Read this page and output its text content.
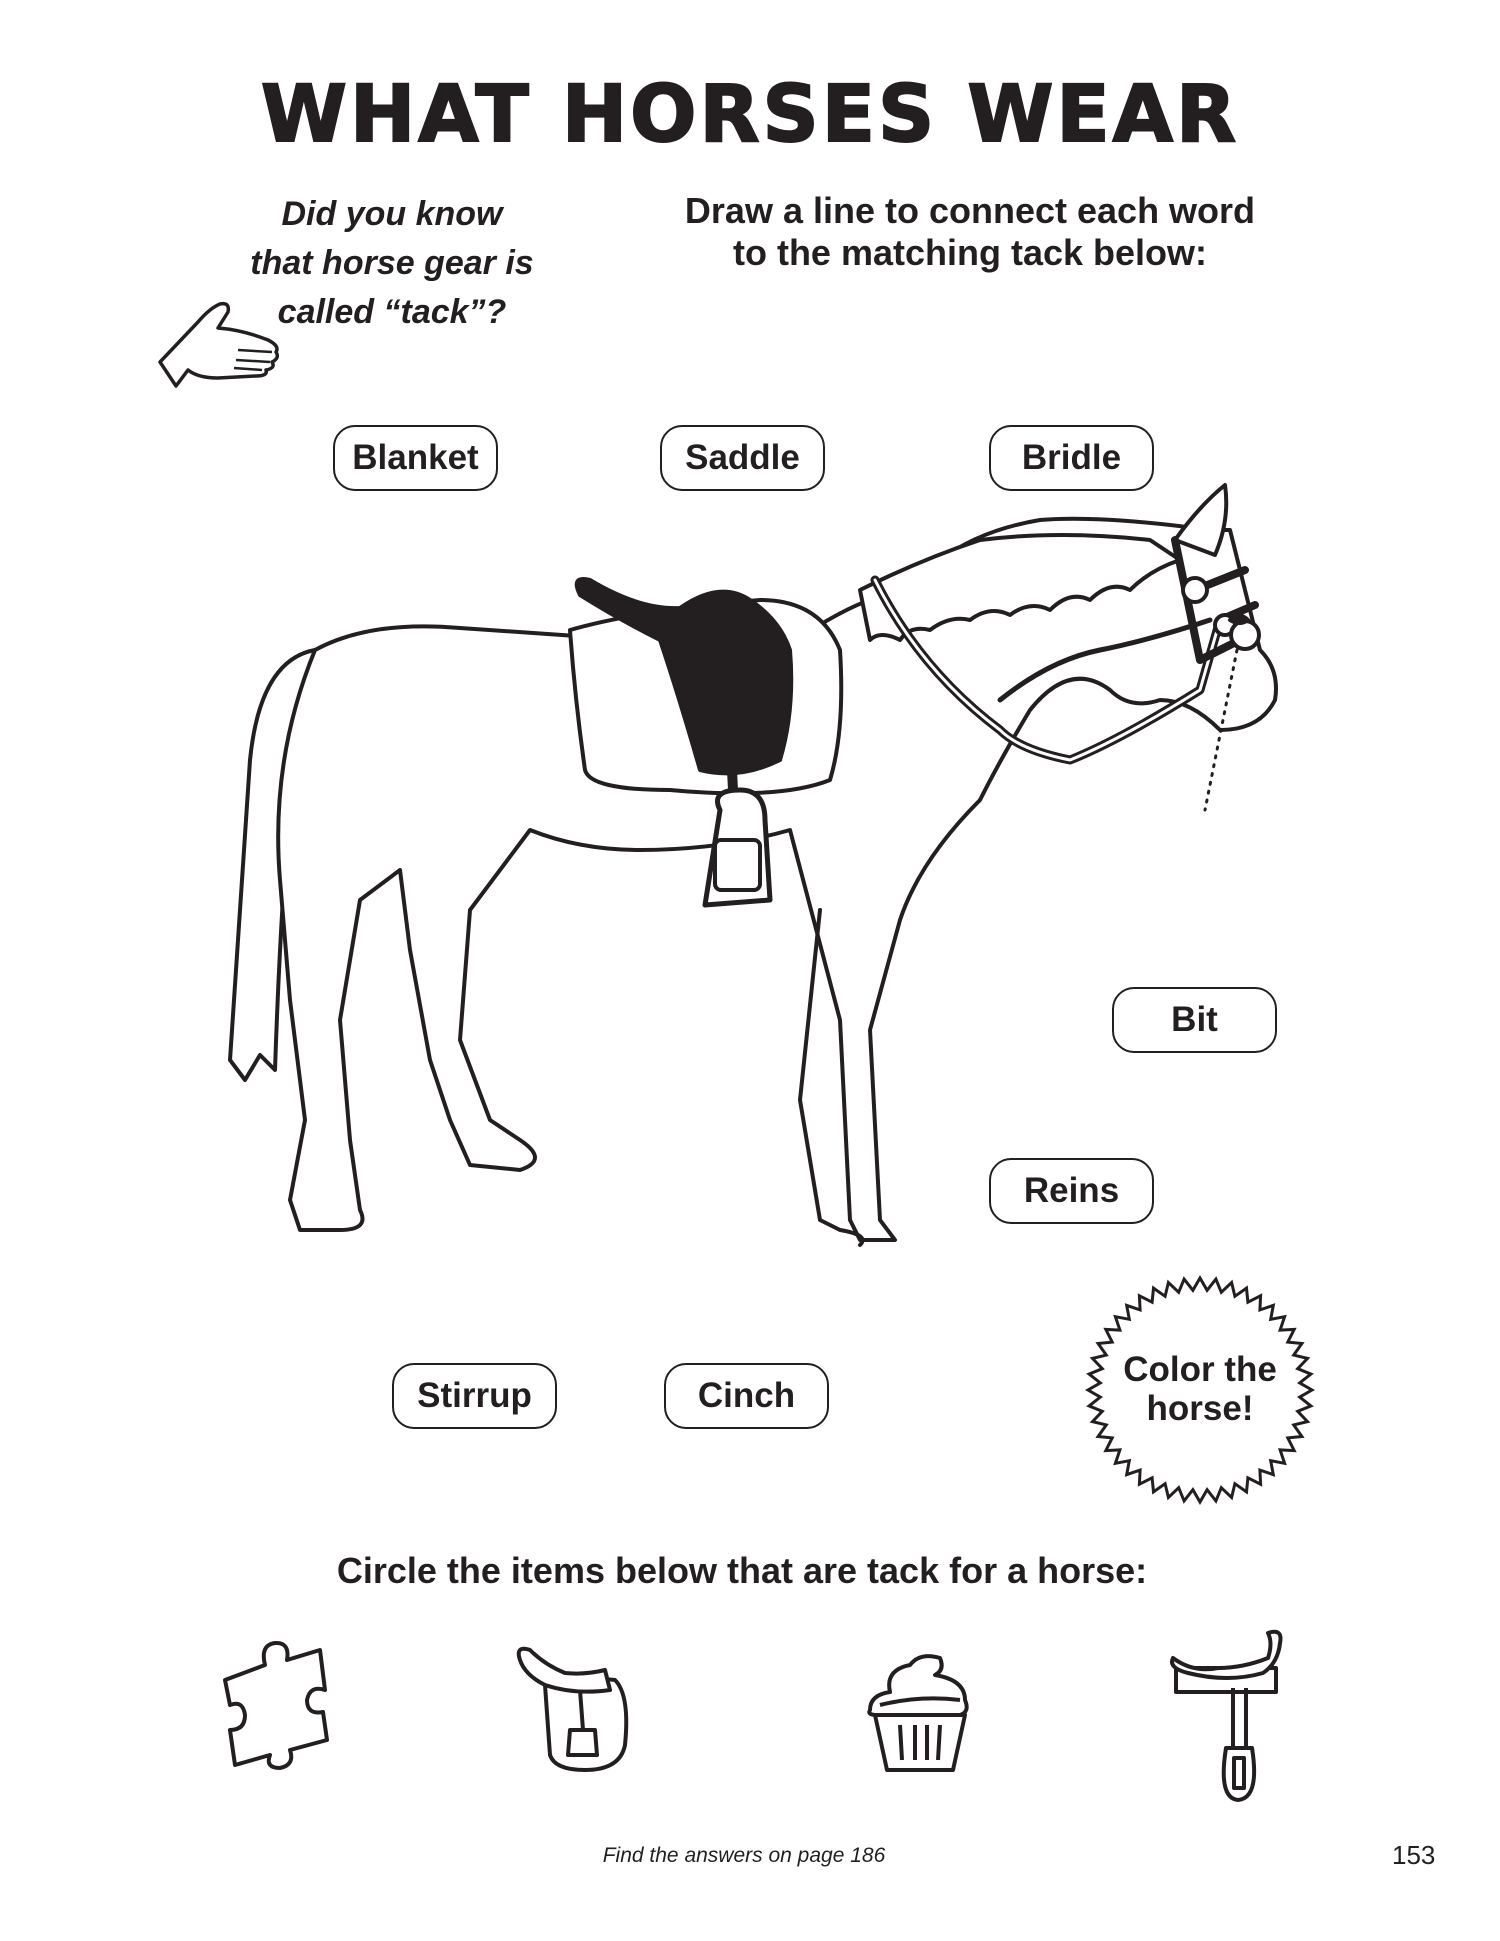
WHAT HORSES WEAR
Did you know
that horse gear is
called “tack”?
Draw a line to connect each word
to the matching tack below:
Blanket	Saddle	Bridle
Bit
Reins
Stirrup	Cinch
Color the
horse!
Circle the items below that are tack for a horse:
Find the answers on page 186	153
